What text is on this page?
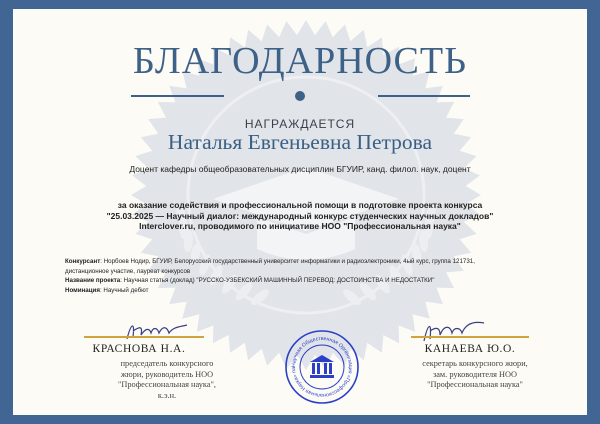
БЛАГОДАРНОСТЬ
НАГРАЖДАЕТСЯ
Наталья Евгеньевна Петрова
Доцент кафедры общеобразовательных дисциплин БГУИР, канд. филол. наук, доцент
за оказание содействия и профессиональной помощи в подготовке проекта конкурса
"25.03.2025 — Научный диалог: международный конкурс студенческих научных докладов"
Interclover.ru, проводимого по инициативе НОО "Профессиональная наука"
Конкурсант: Норбоев Нодир, БГУИР, Белорусский государственный университет информатики и радиоэлектроники, 4ый курс, группа 121731,
дистанционное участие, лауреат конкурсов
Название проекта: Научная статья (доклад) "РУССКО-УЗБЕКСКИЙ МАШИННЫЙ ПЕРЕВОД: ДОСТОИНСТВА И НЕДОСТАТКИ"
Номинация: Научный дебют
КРАСНОВА Н.А.
председатель конкурсного
жюри, руководитель НОО
"Профессиональная наука",
к.э.н.
КАНАЕВА Ю.О.
секретарь конкурсного жюри,
зам. руководителя НОО
"Профессиональная наука"
Научная Общественная Организация «Профессиональная Наука» na
